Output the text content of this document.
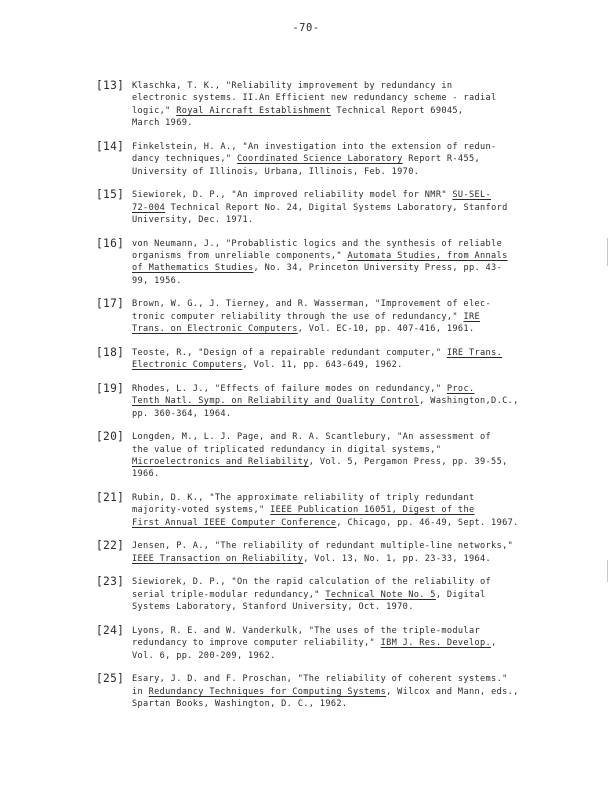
-70-
[13] Klaschka, T. K., "Reliability improvement by redundancy in
electronic systems. II.An Efficient new redundancy scheme - radial
logic," Royal Aircraft Establishment Technical Report 69045,
March 1969.
[14] Finkelstein, H. A., "An investigation into the extension of redun-
dancy techniques," Coordinated Science Laboratory Report R-455,
University of Illinois, Urbana, Illinois, Feb. 1970.
[15] Siewiorek, D. P., "An improved reliability model for NMR" SU-SEL-
72-004 Technical Report No. 24, Digital Systems Laboratory, Stanford
University, Dec. 1971.
[16] von Neumann, J., "Probablistic logics and the synthesis of reliable
organisms from unreliable components," Automata Studies, from Annals
of Mathematics Studies, No. 34, Princeton University Press, pp. 43-
99, 1956.
[17] Brown, W. G., J. Tierney, and R. Wasserman, "Improvement of elec-
tronic computer reliability through the use of redundancy," IRE
Trans. on Electronic Computers, Vol. EC-10, pp. 407-416, 1961.
[18] Teoste, R., "Design of a repairable redundant computer," IRE Trans.
Electronic Computers, Vol. 11, pp. 643-649, 1962.
[19] Rhodes, L. J., "Effects of failure modes on redundancy," Proc.
Tenth Natl. Symp. on Reliability and Quality Control, Washington,D.C.,
pp. 360-364, 1964.
[20] Longden, M., L. J. Page, and R. A. Scantlebury, "An assessment of
the value of triplicated redundancy in digital systems,"
Microelectronics and Reliability, Vol. 5, Pergamon Press, pp. 39-55,
1966.
[21] Rubin, D. K., "The approximate reliability of triply redundant
majority-voted systems," IEEE Publication 16051, Digest of the
First Annual IEEE Computer Conference, Chicago, pp. 46-49, Sept. 1967.
[22] Jensen, P. A., "The reliability of redundant multiple-line networks,"
IEEE Transaction on Reliability, Vol. 13, No. 1, pp. 23-33, 1964.
[23] Siewiorek, D. P., "On the rapid calculation of the reliability of
serial triple-modular redundancy," Technical Note No. 5, Digital
Systems Laboratory, Stanford University, Oct. 1970.
[24] Lyons, R. E. and W. Vanderkulk, "The uses of the triple-modular
redundancy to improve computer reliability," IBM J. Res. Develop.,
Vol. 6, pp. 200-209, 1962.
[25] Esary, J. D. and F. Proschan, "The reliability of coherent systems."
in Redundancy Techniques for Computing Systems, Wilcox and Mann, eds.,
Spartan Books, Washington, D. C., 1962.
